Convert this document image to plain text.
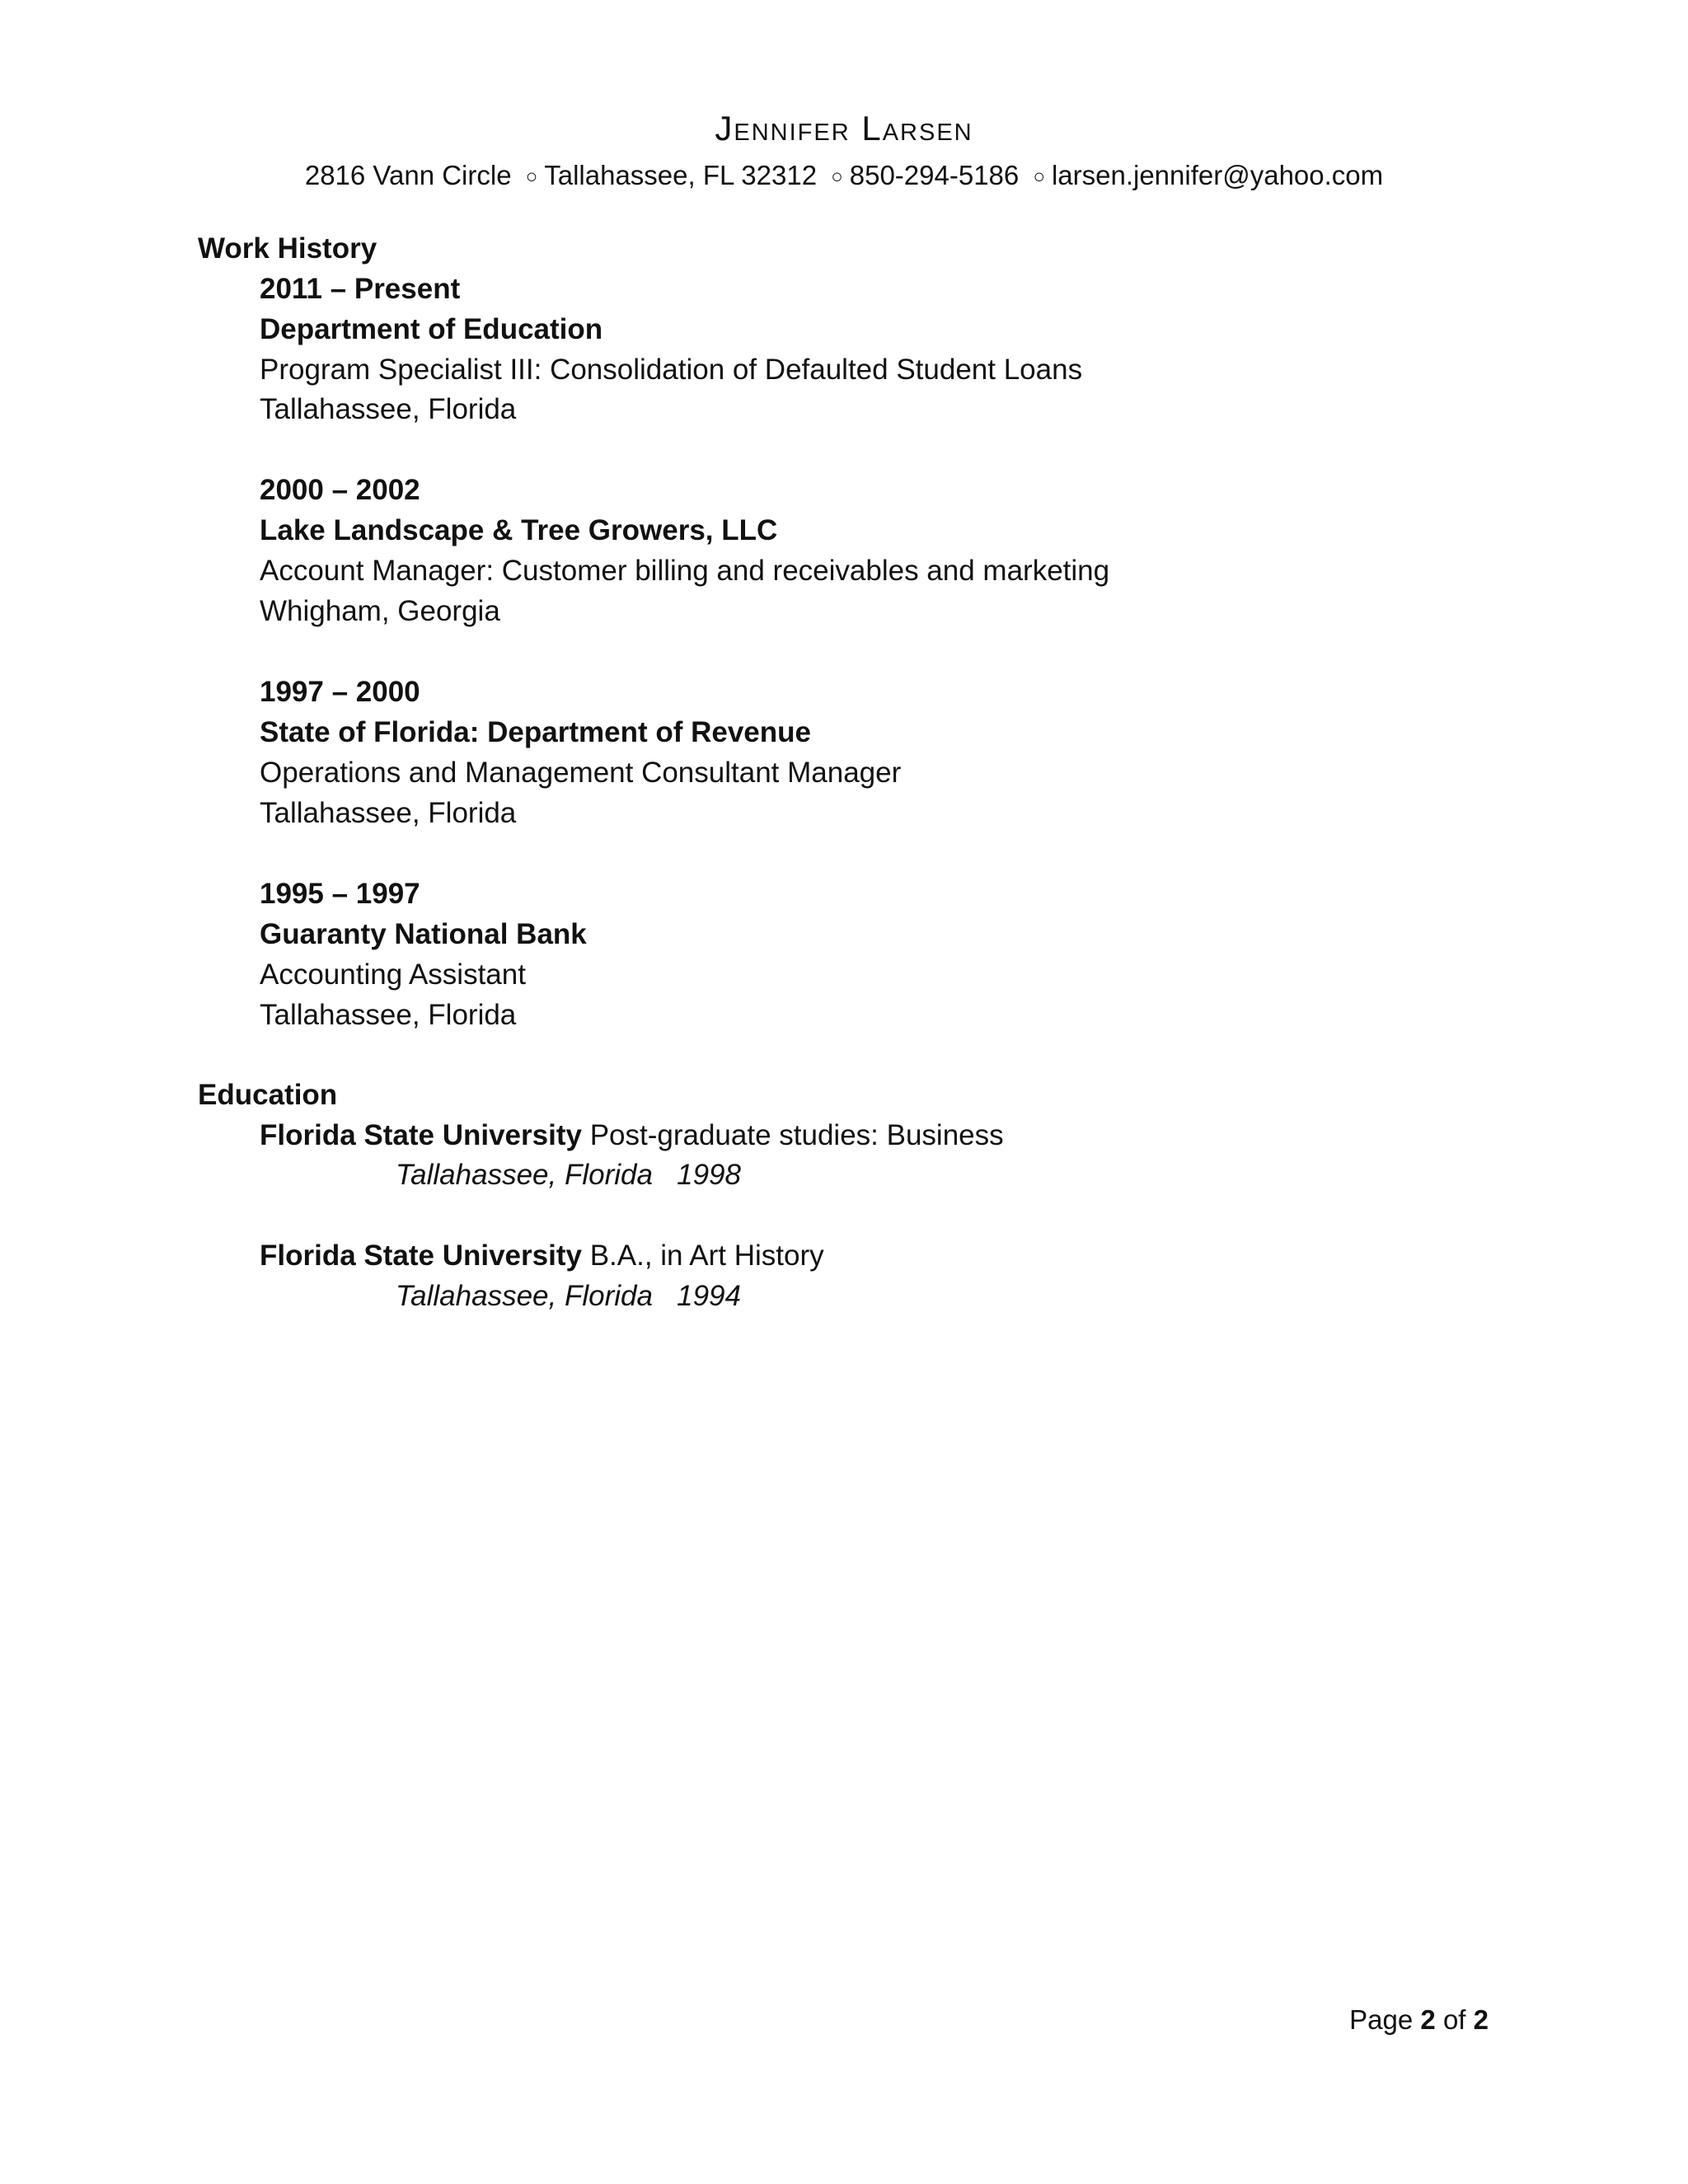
Jennifer Larsen
2816 Vann Circle ○ Tallahassee, FL 32312 ○ 850-294-5186 ○ larsen.jennifer@yahoo.com
Work History
2011 – Present
Department of Education
Program Specialist III: Consolidation of Defaulted Student Loans
Tallahassee, Florida
2000 – 2002
Lake Landscape & Tree Growers, LLC
Account Manager: Customer billing and receivables and marketing
Whigham, Georgia
1997 – 2000
State of Florida: Department of Revenue
Operations and Management Consultant Manager
Tallahassee, Florida
1995 – 1997
Guaranty National Bank
Accounting Assistant
Tallahassee, Florida
Education
Florida State University Post-graduate studies: Business
Tallahassee, Florida   1998
Florida State University B.A., in Art History
Tallahassee, Florida   1994
Page 2 of 2
